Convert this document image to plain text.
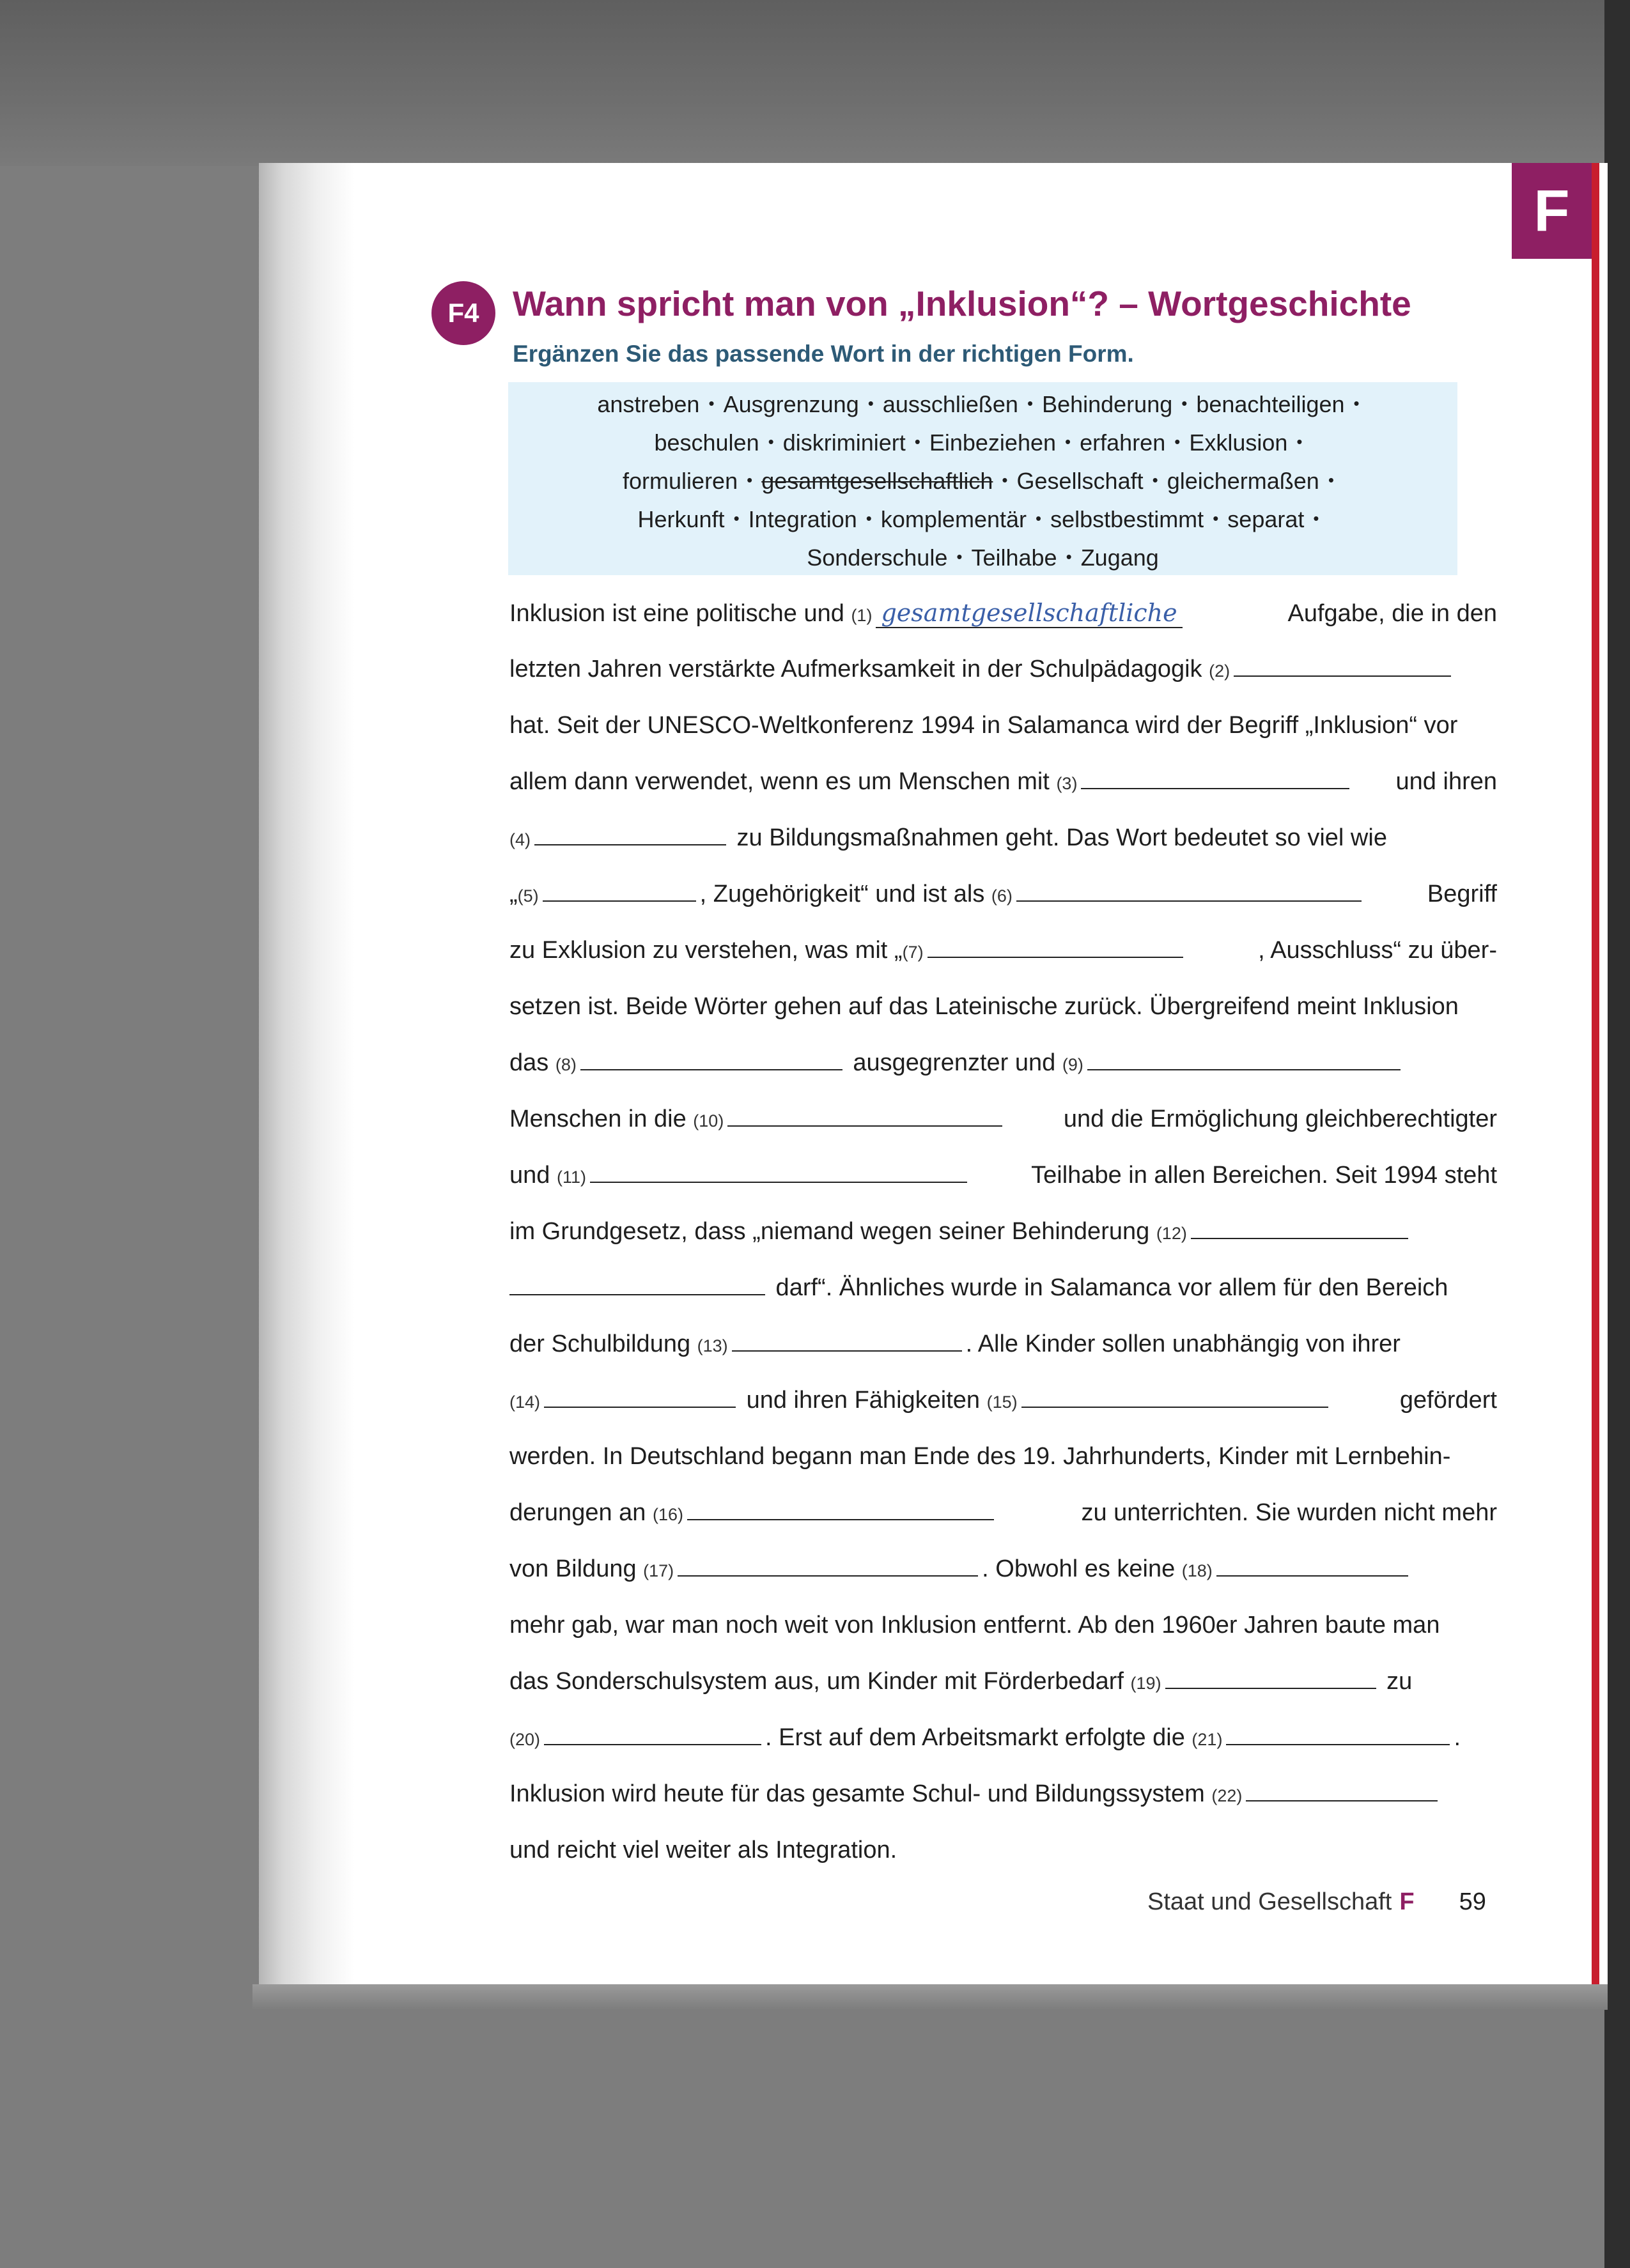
F
F4 Wann spricht man von „Inklusion“? – Wortgeschichte
Ergänzen Sie das passende Wort in der richtigen Form.
anstreben • Ausgrenzung • ausschließen • Behinderung • benachteiligen •
beschulen • diskriminiert • Einbeziehen • erfahren • Exklusion •
formulieren • gesamtgesellschaftlich • Gesellschaft • gleichermaßen •
Herkunft • Integration • komplementär • selbstbestimmt • separat •
Sonderschule • Teilhabe • Zugang
Inklusion ist eine politische und (1) gesamtgesellschaftliche	Aufgabe, die in den
letzten Jahren verstärkte Aufmerksamkeit in der Schulpädagogik (2)
hat. Seit der UNESCO-Weltkonferenz 1994 in Salamanca wird der Begriff „Inklusion“ vor
allem dann verwendet, wenn es um Menschen mit (3)	und ihren
(4)	zu Bildungsmaßnahmen geht. Das Wort bedeutet so viel wie
„(5)	, Zugehörigkeit“ und ist als (6)	Begriff
zu Exklusion zu verstehen, was mit „(7)	, Ausschluss“ zu über-
setzen ist. Beide Wörter gehen auf das Lateinische zurück. Übergreifend meint Inklusion
das (8)	ausgegrenzter und (9)
Menschen in die (10)	und die Ermöglichung gleichberechtigter
und (11)	Teilhabe in allen Bereichen. Seit 1994 steht
im Grundgesetz, dass „niemand wegen seiner Behinderung (12)
darf“. Ähnliches wurde in Salamanca vor allem für den Bereich
der Schulbildung (13)	. Alle Kinder sollen unabhängig von ihrer
(14)	und ihren Fähigkeiten (15)	gefördert
werden. In Deutschland begann man Ende des 19. Jahrhunderts, Kinder mit Lernbehin-
derungen an (16)	zu unterrichten. Sie wurden nicht mehr
von Bildung (17)	. Obwohl es keine (18)
mehr gab, war man noch weit von Inklusion entfernt. Ab den 1960er Jahren baute man
das Sonderschulsystem aus, um Kinder mit Förderbedarf (19)	zu
(20)	. Erst auf dem Arbeitsmarkt erfolgte die (21)	.
Inklusion wird heute für das gesamte Schul- und Bildungssystem (22)
und reicht viel weiter als Integration.
Staat und Gesellschaft F 59
